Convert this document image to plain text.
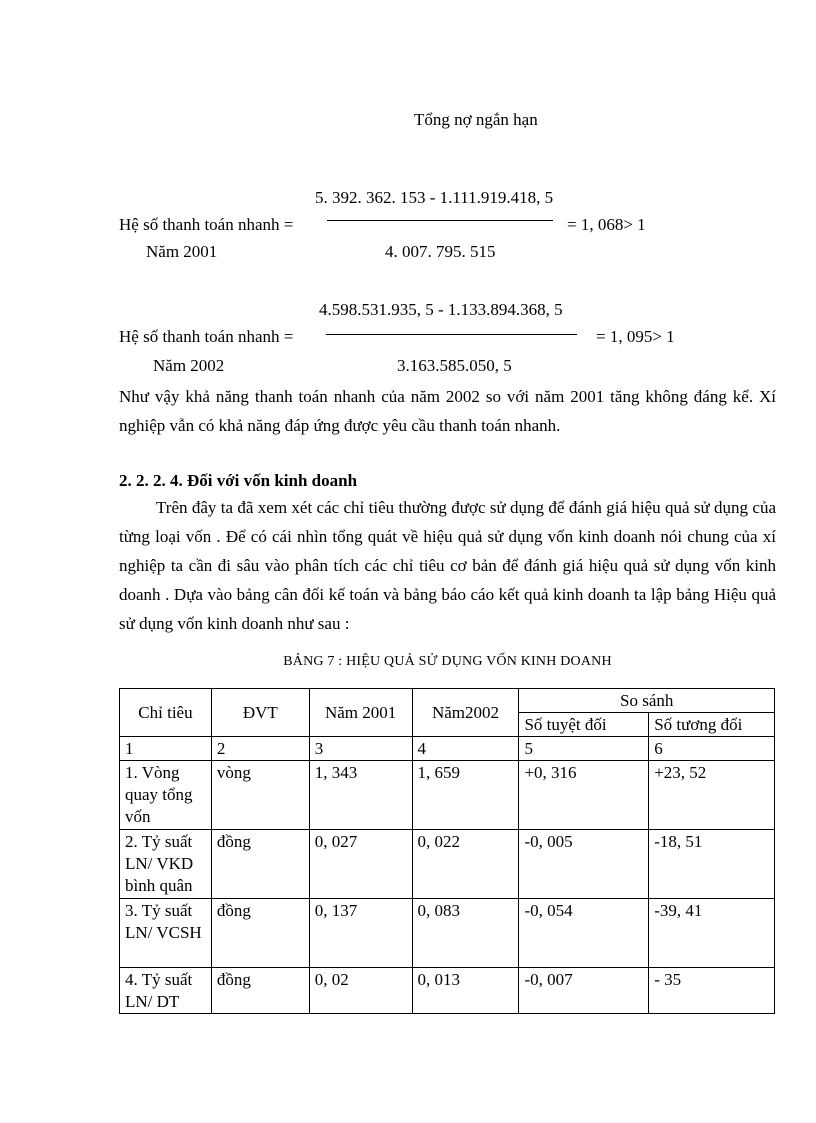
Tổng nợ ngắn hạn
5. 392. 362. 153 - 1.111.919.418, 5
Hệ số thanh toán nhanh =	= 1, 068> 1
Năm 2001	4. 007. 795. 515
4.598.531.935, 5 - 1.133.894.368, 5
Hệ số thanh toán nhanh =	= 1, 095> 1
Năm 2002	3.163.585.050, 5
Như vậy khả năng thanh toán nhanh của năm 2002 so với năm 2001 tăng không đáng kể. Xí nghiệp vẫn có khả năng đáp ứng được yêu cầu thanh toán nhanh.
2. 2. 2. 4. Đối với vốn kinh doanh
Trên đây ta đã xem xét các chỉ tiêu thường được sử dụng để đánh giá hiệu quả sử dụng của từng loại vốn . Để có cái nhìn tổng quát về hiệu quả sử dụng vốn kinh doanh nói chung của xí nghiệp ta cần đi sâu vào phân tích các chỉ tiêu cơ bản để đánh giá hiệu quả sử dụng vốn kinh doanh . Dựa vào bảng cân đối kế toán và bảng báo cáo kết quả kinh doanh ta lập bảng Hiệu quả sử dụng vốn kinh doanh như sau :
BẢNG 7 : HIỆU QUẢ SỬ DỤNG VỐN KINH DOANH
Chỉ tiêu	ĐVT	Năm 2001	Năm2002	So sánh	
				Số tuyệt đối	Số tương đối
1	2	3	4	5	6
1. Vòng quay tổng vốn	vòng	1, 343	1, 659	+0, 316	+23, 52
2. Tỷ suất LN/ VKD bình quân	đồng	0, 027	0, 022	-0, 005	-18, 51
3. Tỷ suất LN/ VCSH	đồng	0, 137	0, 083	-0, 054	-39, 41
4. Tỷ suất LN/ DT	đồng	0, 02	0, 013	-0, 007	- 35
